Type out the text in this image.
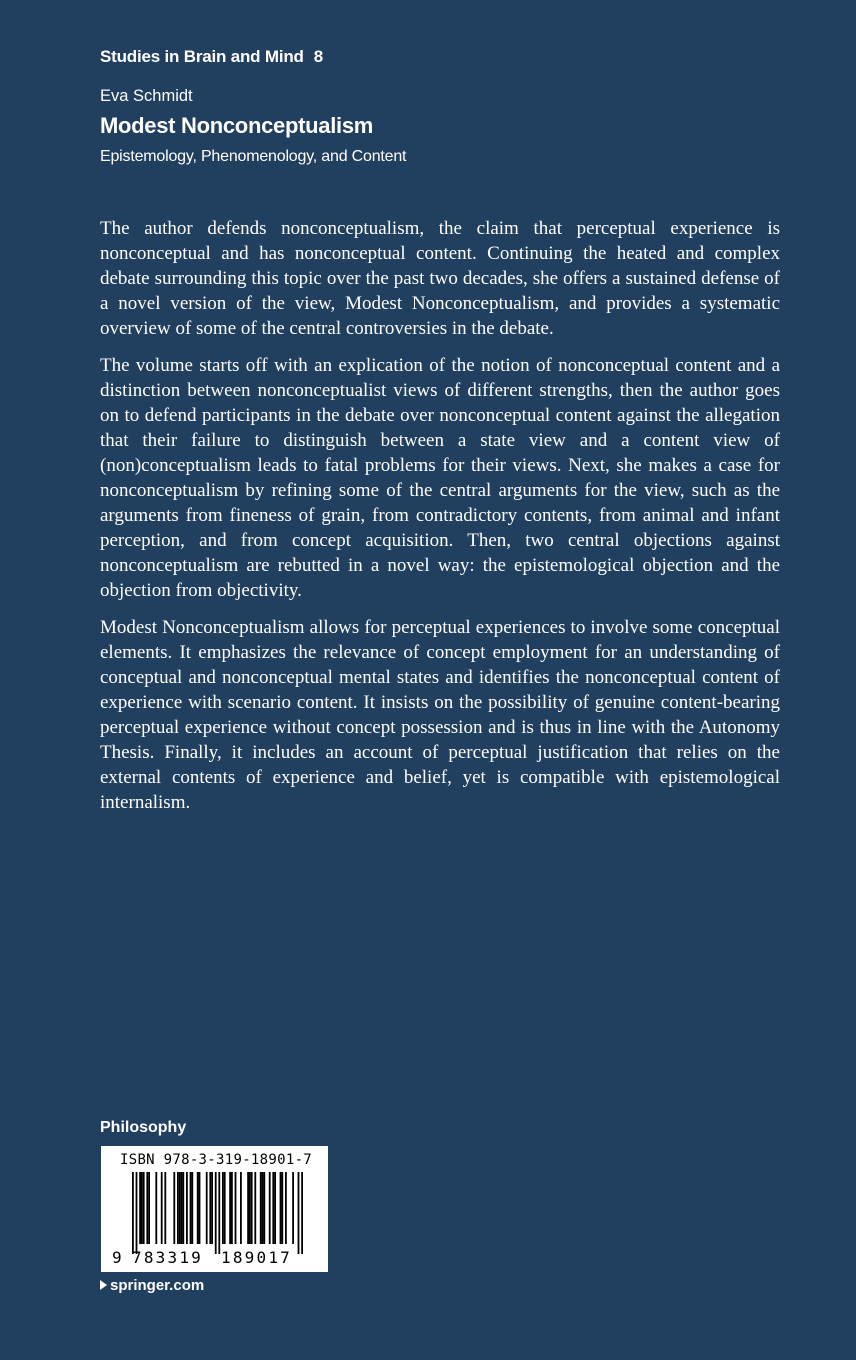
Studies in Brain and Mind 8
Eva Schmidt
Modest Nonconceptualism
Epistemology, Phenomenology, and Content

The author defends nonconceptualism, the claim that perceptual experience is nonconceptual and has nonconceptual content. Continuing the heated and complex debate surrounding this topic over the past two decades, she offers a sustained defense of a novel version of the view, Modest Nonconceptualism, and provides a systematic overview of some of the central controversies in the debate.

The volume starts off with an explication of the notion of nonconceptual content and a distinction between nonconceptualist views of different strengths, then the author goes on to defend participants in the debate over nonconceptual content against the allegation that their failure to distinguish between a state view and a content view of (non)conceptualism leads to fatal problems for their views. Next, she makes a case for nonconceptualism by refining some of the central arguments for the view, such as the arguments from fineness of grain, from contradictory contents, from animal and infant perception, and from concept acquisition. Then, two central objections against nonconceptualism are rebutted in a novel way: the epistemological objection and the objection from objectivity.

Modest Nonconceptualism allows for perceptual experiences to involve some conceptual elements. It emphasizes the relevance of concept employment for an understanding of conceptual and nonconceptual mental states and identifies the nonconceptual content of experience with scenario content. It insists on the possibility of genuine content-bearing perceptual experience without concept possession and is thus in line with the Autonomy Thesis. Finally, it includes an account of perceptual justification that relies on the external contents of experience and belief, yet is compatible with epistemological internalism.

Philosophy
ISBN 978-3-319-18901-7
9 783319 189017
springer.com
